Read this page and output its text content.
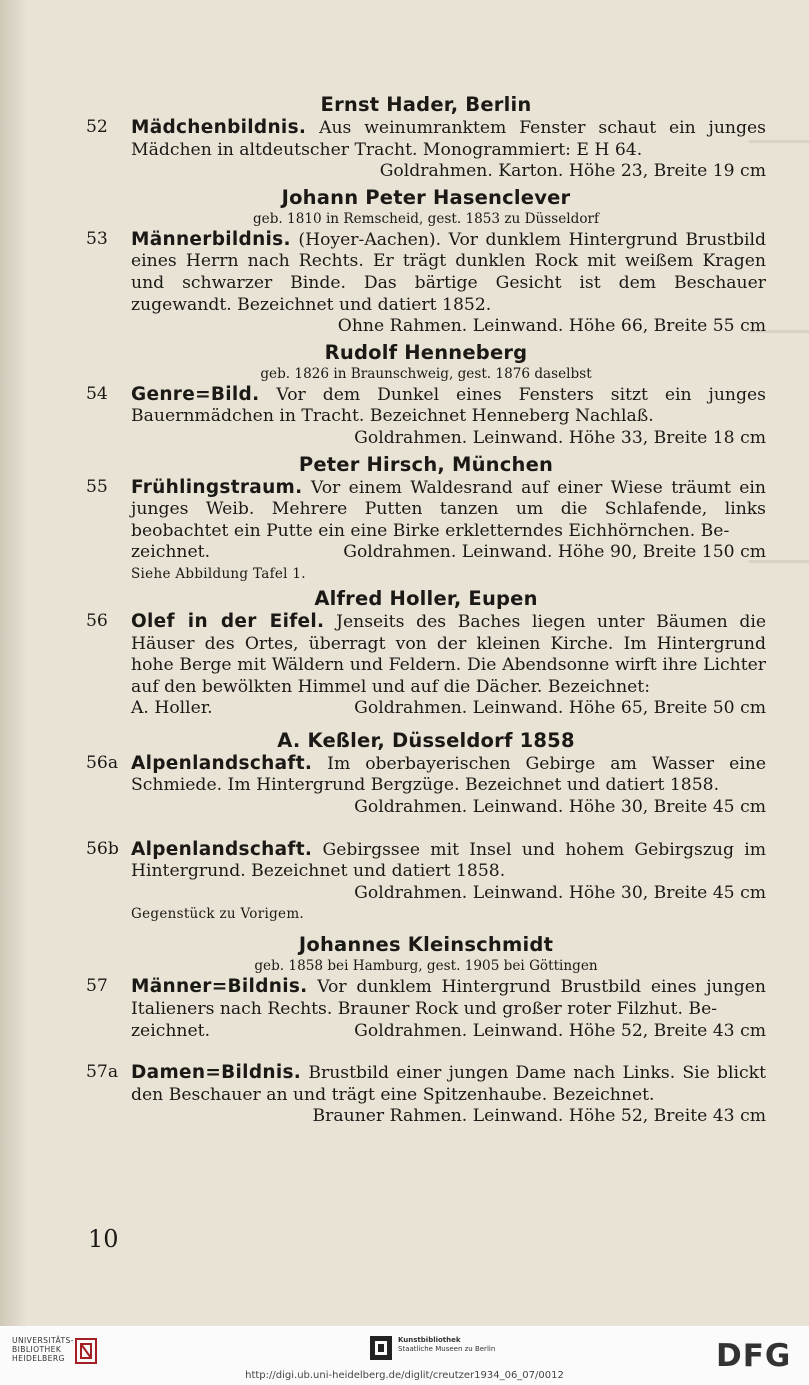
Ernst Hader, Berlin
52 Mädchenbildnis. Aus weinumranktem Fenster schaut ein junges Mädchen in altdeutscher Tracht. Monogrammiert: E H 64.
Goldrahmen. Karton. Höhe 23, Breite 19 cm
Johann Peter Hasenclever
geb. 1810 in Remscheid, gest. 1853 zu Düsseldorf
53 Männerbildnis. (Hoyer-Aachen). Vor dunklem Hintergrund Brustbild eines Herrn nach Rechts. Er trägt dunklen Rock mit weißem Kragen und schwarzer Binde. Das bärtige Gesicht ist dem Beschauer zugewandt. Bezeichnet und datiert 1852.
Ohne Rahmen. Leinwand. Höhe 66, Breite 55 cm
Rudolf Henneberg
geb. 1826 in Braunschweig, gest. 1876 daselbst
54 Genre=Bild. Vor dem Dunkel eines Fensters sitzt ein junges Bauernmädchen in Tracht. Bezeichnet Henneberg Nachlaß.
Goldrahmen. Leinwand. Höhe 33, Breite 18 cm
Peter Hirsch, München
55 Frühlingstraum. Vor einem Waldesrand auf einer Wiese träumt ein junges Weib. Mehrere Putten tanzen um die Schlafende, links beobachtet ein Putte ein eine Birke erkletterndes Eichhörnchen. Be-
zeichnet.	Goldrahmen. Leinwand. Höhe 90, Breite 150 cm
Siehe Abbildung Tafel 1.
Alfred Holler, Eupen
56 Olef in der Eifel. Jenseits des Baches liegen unter Bäumen die Häuser des Ortes, überragt von der kleinen Kirche. Im Hintergrund hohe Berge mit Wäldern und Feldern. Die Abendsonne wirft ihre Lichter auf den bewölkten Himmel und auf die Dächer. Bezeichnet:
A. Holler.	Goldrahmen. Leinwand. Höhe 65, Breite 50 cm
A. Keßler, Düsseldorf 1858
56a Alpenlandschaft. Im oberbayerischen Gebirge am Wasser eine Schmiede. Im Hintergrund Bergzüge. Bezeichnet und datiert 1858.
Goldrahmen. Leinwand. Höhe 30, Breite 45 cm
56b Alpenlandschaft. Gebirgssee mit Insel und hohem Gebirgszug im Hintergrund. Bezeichnet und datiert 1858.
Goldrahmen. Leinwand. Höhe 30, Breite 45 cm
Gegenstück zu Vorigem.
Johannes Kleinschmidt
geb. 1858 bei Hamburg, gest. 1905 bei Göttingen
57 Männer=Bildnis. Vor dunklem Hintergrund Brustbild eines jungen Italieners nach Rechts. Brauner Rock und großer roter Filzhut. Be-
zeichnet.	Goldrahmen. Leinwand. Höhe 52, Breite 43 cm
57a Damen=Bildnis. Brustbild einer jungen Dame nach Links. Sie blickt den Beschauer an und trägt eine Spitzenhaube. Bezeichnet.
Brauner Rahmen. Leinwand. Höhe 52, Breite 43 cm
10
UNIVERSITÄTS-
BIBLIOTHEK
HEIDELBERG
Kunstbibliothek
Staatliche Museen zu Berlin	DFG
http://digi.ub.uni-heidelberg.de/diglit/creutzer1934_06_07/0012
